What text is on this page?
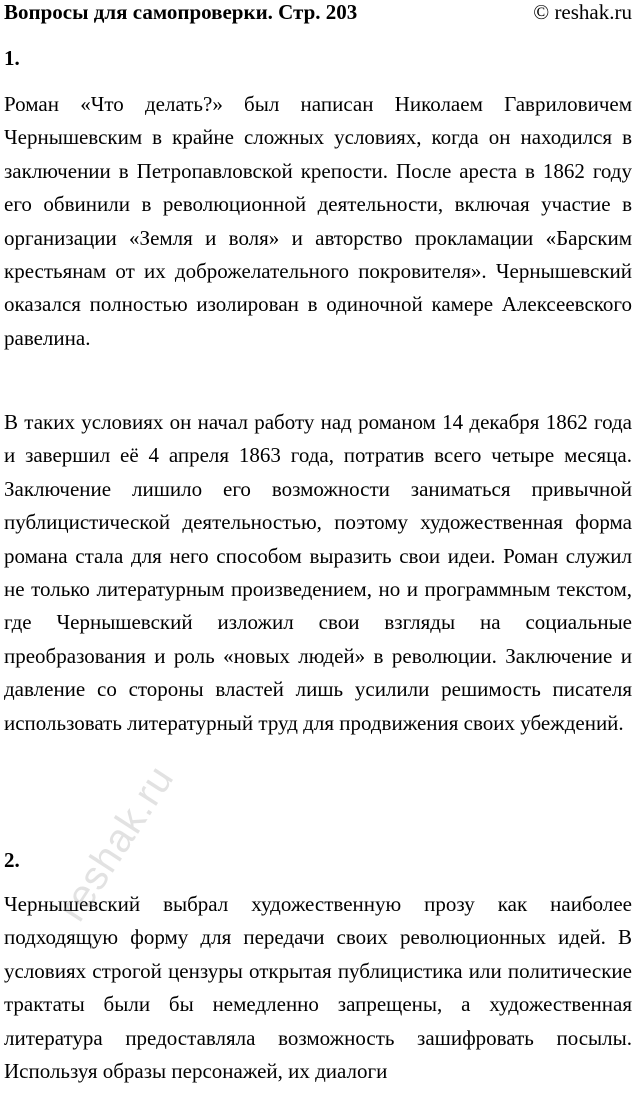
Вопросы для самопроверки. Стр. 203	© reshak.ru
1.

Роман «Что делать?» был написан Николаем Гавриловичем Чернышевским в крайне сложных условиях, когда он находился в заключении в Петропавловской крепости. После ареста в 1862 году его обвинили в революционной деятельности, включая участие в организации «Земля и воля» и авторство прокламации «Барским крестьянам от их доброжелательного покровителя». Чернышевский оказался полностью изолирован в одиночной камере Алексеевского равелина.

В таких условиях он начал работу над романом 14 декабря 1862 года и завершил её 4 апреля 1863 года, потратив всего четыре месяца. Заключение лишило его возможности заниматься привычной публицистической деятельностью, поэтому художественная форма романа стала для него способом выразить свои идеи. Роман служил не только литературным произведением, но и программным текстом, где Чернышевский изложил свои взгляды на социальные преобразования и роль «новых людей» в революции. Заключение и давление со стороны властей лишь усилили решимость писателя использовать литературный труд для продвижения своих убеждений.

2.

Чернышевский выбрал художественную прозу как наиболее подходящую форму для передачи своих революционных идей. В условиях строгой цензуры открытая публицистика или политические трактаты были бы немедленно запрещены, а художественная литература предоставляла возможность зашифровать посылы. Используя образы персонажей, их диалоги

reshak.ru
